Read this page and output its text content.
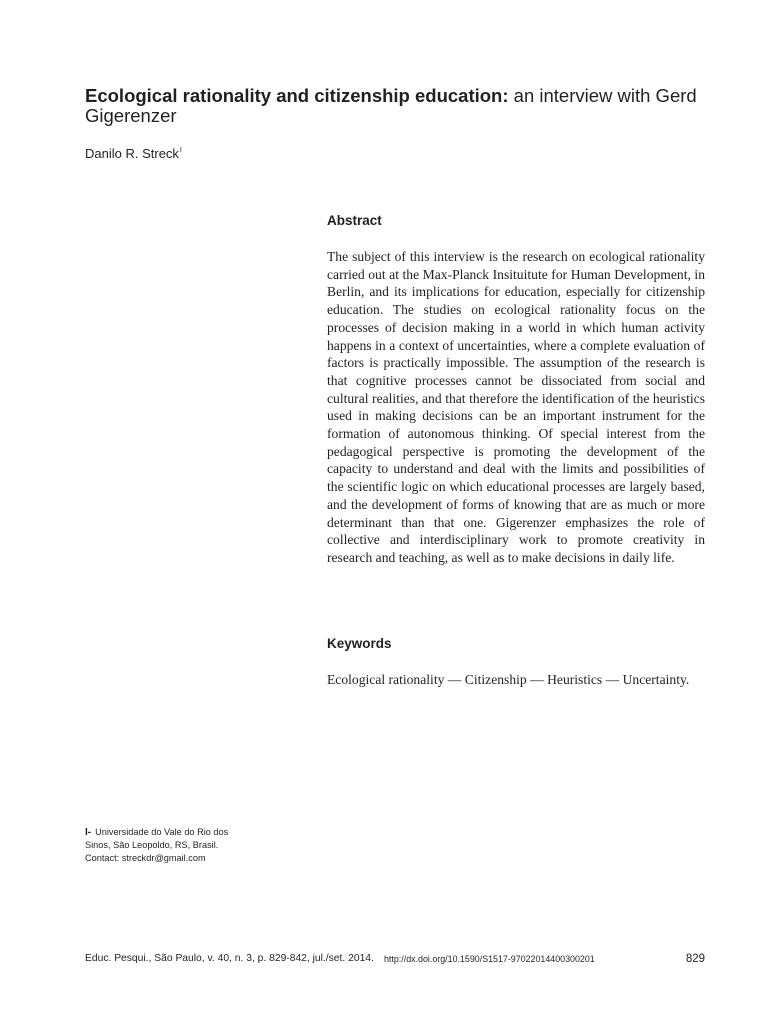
Ecological rationality and citizenship education: an interview with Gerd Gigerenzer
Danilo R. Streck$^I$
Abstract
The subject of this interview is the research on ecological rationality carried out at the Max-Planck Insituitute for Human Development, in Berlin, and its implications for education, especially for citizenship education. The studies on ecological rationality focus on the processes of decision making in a world in which human activity happens in a context of uncertainties, where a complete evaluation of factors is practically impossible. The assumption of the research is that cognitive processes cannot be dissociated from social and cultural realities, and that therefore the identification of the heuristics used in making decisions can be an important instrument for the formation of autonomous thinking. Of special interest from the pedagogical perspective is promoting the development of the capacity to understand and deal with the limits and possibilities of the scientific logic on which educational processes are largely based, and the development of forms of knowing that are as much or more determinant than that one. Gigerenzer emphasizes the role of collective and interdisciplinary work to promote creativity in research and teaching, as well as to make decisions in daily life.
Keywords
Ecological rationality — Citizenship — Heuristics — Uncertainty.
I- Universidade do Vale do Rio dos
Sinos, São Leopoldo, RS, Brasil.
Contact: streckdr@gmail.com
Educ. Pesqui., São Paulo, v. 40, n. 3, p. 829-842, jul./set. 2014. http://dx.doi.org/10.1590/S1517-97022014400300201	829
